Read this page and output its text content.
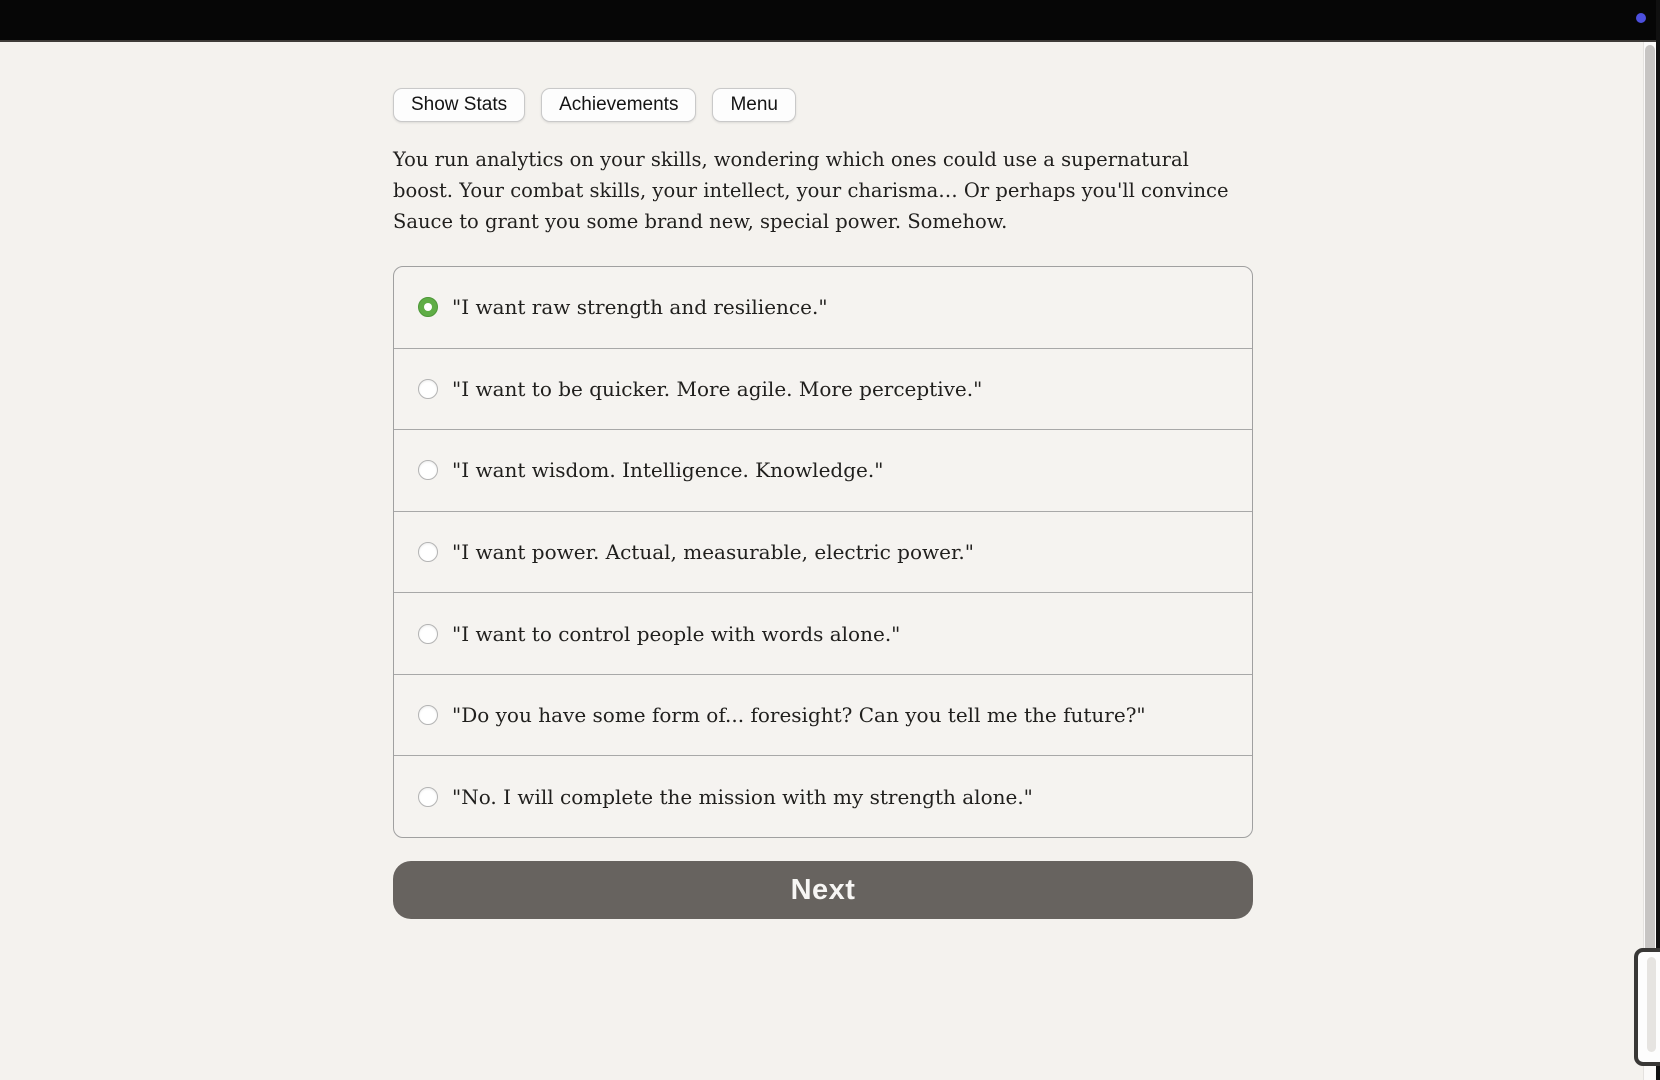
Show Stats	Achievements	Menu
You run analytics on your skills, wondering which ones could use a supernatural boost. Your combat skills, your intellect, your charisma… Or perhaps you'll convince Sauce to grant you some brand new, special power. Somehow.
"I want raw strength and resilience."
"I want to be quicker. More agile. More perceptive."
"I want wisdom. Intelligence. Knowledge."
"I want power. Actual, measurable, electric power."
"I want to control people with words alone."
"Do you have some form of... foresight? Can you tell me the future?"
"No. I will complete the mission with my strength alone."
Next
